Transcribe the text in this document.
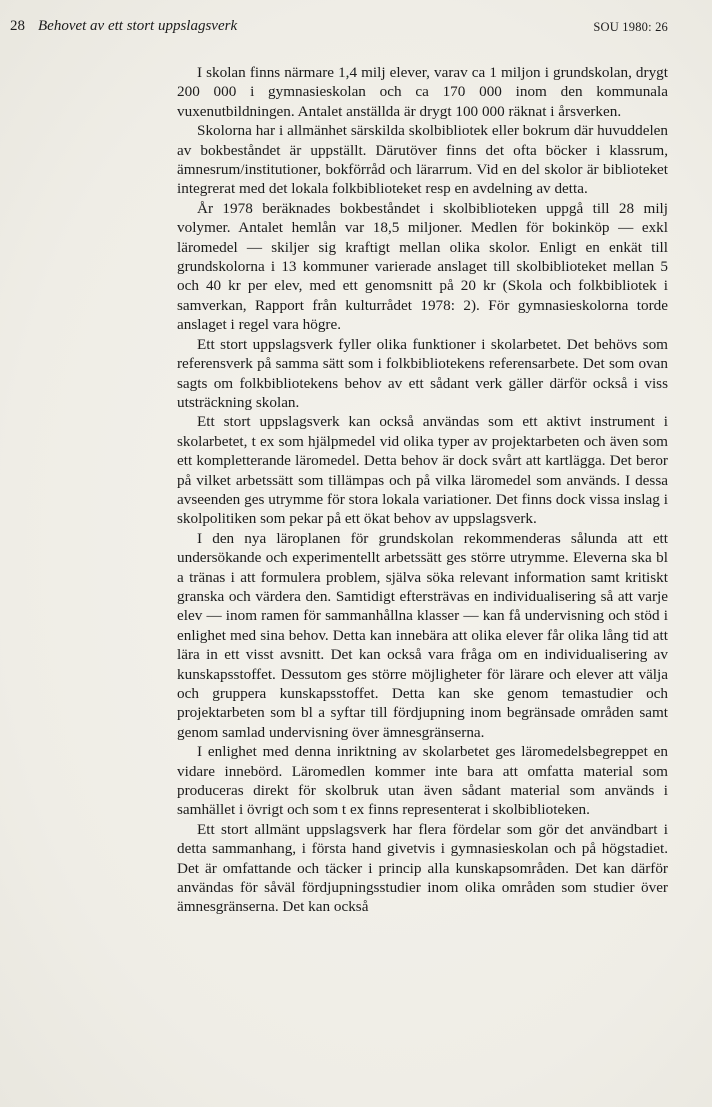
28 Behovet av ett stort uppslagsverk	SOU 1980: 26

I skolan finns närmare 1,4 milj elever, varav ca 1 miljon i grundskolan, drygt 200 000 i gymnasieskolan och ca 170 000 inom den kommunala vuxenutbildningen. Antalet anställda är drygt 100 000 räknat i årsverken.

Skolorna har i allmänhet särskilda skolbibliotek eller bokrum där huvuddelen av bokbeståndet är uppställt. Därutöver finns det ofta böcker i klassrum, ämnesrum/institutioner, bokförråd och lärarrum. Vid en del skolor är biblioteket integrerat med det lokala folkbiblioteket resp en avdelning av detta.

År 1978 beräknades bokbeståndet i skolbiblioteken uppgå till 28 milj volymer. Antalet hemlån var 18,5 miljoner. Medlen för bokinköp — exkl läromedel — skiljer sig kraftigt mellan olika skolor. Enligt en enkät till grundskolorna i 13 kommuner varierade anslaget till skolbiblioteket mellan 5 och 40 kr per elev, med ett genomsnitt på 20 kr (Skola och folkbibliotek i samverkan, Rapport från kulturrådet 1978: 2). För gymnasieskolorna torde anslaget i regel vara högre.

Ett stort uppslagsverk fyller olika funktioner i skolarbetet. Det behövs som referensverk på samma sätt som i folkbibliotekens referensarbete. Det som ovan sagts om folkbibliotekens behov av ett sådant verk gäller därför också i viss utsträckning skolan.

Ett stort uppslagsverk kan också användas som ett aktivt instrument i skolarbetet, t ex som hjälpmedel vid olika typer av projektarbeten och även som ett kompletterande läromedel. Detta behov är dock svårt att kartlägga. Det beror på vilket arbetssätt som tillämpas och på vilka läromedel som används. I dessa avseenden ges utrymme för stora lokala variationer. Det finns dock vissa inslag i skolpolitiken som pekar på ett ökat behov av uppslagsverk.

I den nya läroplanen för grundskolan rekommenderas sålunda att ett undersökande och experimentellt arbetssätt ges större utrymme. Eleverna ska bl a tränas i att formulera problem, själva söka relevant information samt kritiskt granska och värdera den. Samtidigt eftersträvas en individualisering så att varje elev — inom ramen för sammanhållna klasser — kan få undervisning och stöd i enlighet med sina behov. Detta kan innebära att olika elever får olika lång tid att lära in ett visst avsnitt. Det kan också vara fråga om en individualisering av kunskapsstoffet. Dessutom ges större möjligheter för lärare och elever att välja och gruppera kunskapsstoffet. Detta kan ske genom temastudier och projektarbeten som bl a syftar till fördjupning inom begränsade områden samt genom samlad undervisning över ämnesgränserna.

I enlighet med denna inriktning av skolarbetet ges läromedelsbegreppet en vidare innebörd. Läromedlen kommer inte bara att omfatta material som produceras direkt för skolbruk utan även sådant material som används i samhället i övrigt och som t ex finns representerat i skolbiblioteken.

Ett stort allmänt uppslagsverk har flera fördelar som gör det användbart i detta sammanhang, i första hand givetvis i gymnasieskolan och på högstadiet. Det är omfattande och täcker i princip alla kunskapsområden. Det kan därför användas för såväl fördjupningsstudier inom olika områden som studier över ämnesgränserna. Det kan också
